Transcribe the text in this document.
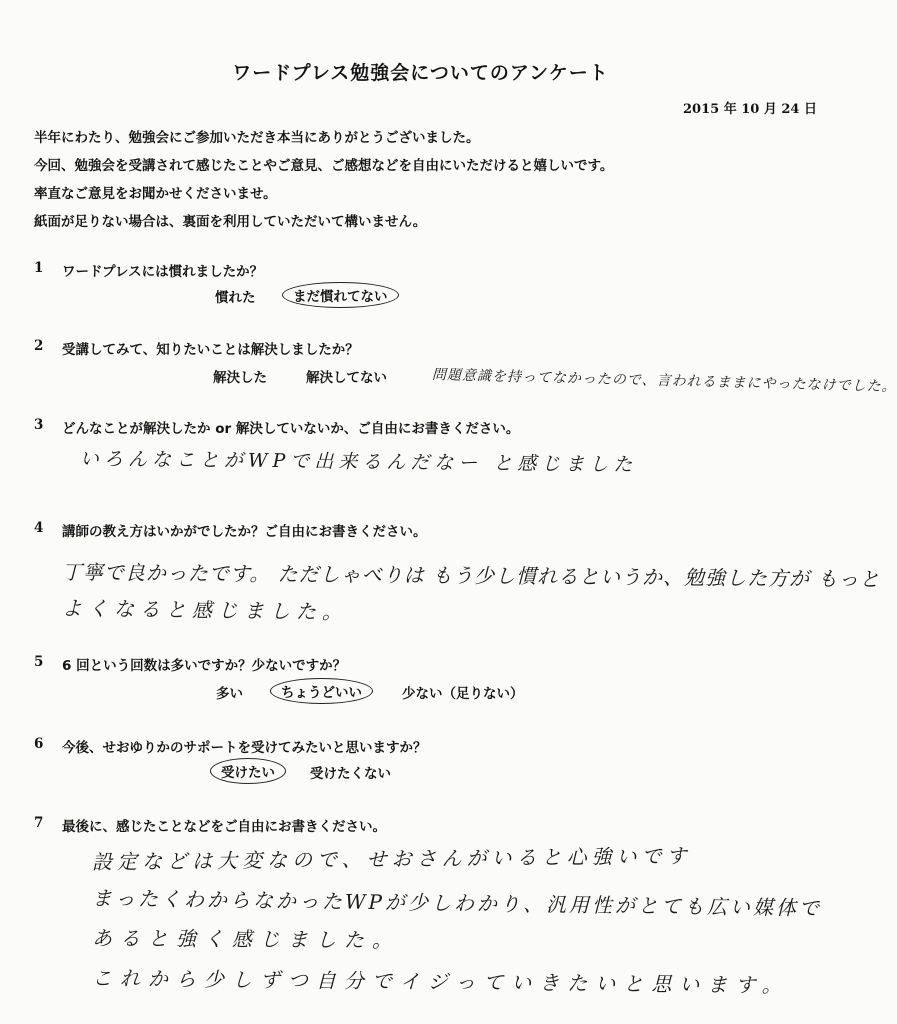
ワードプレス勉強会についてのアンケート
2015 年 10 月 24 日
半年にわたり、勉強会にご参加いただき本当にありがとうございました。
今回、勉強会を受講されて感じたことやご意見、ご感想などを自由にいただけると嬉しいです。
率直なご意見をお聞かせくださいませ。
紙面が足りない場合は、裏面を利用していただいて構いません。
1 ワードプレスには慣れましたか？
慣れた	まだ慣れてない
2 受講してみて、知りたいことは解決しましたか？
解決した	解決してない	問題意識を持ってなかったので、言われるままにやったなけでした。
3 どんなことが解決したか or 解決していないか、ご自由にお書きください。
いろんなことがWPで出来るんだなー と感じました
4 講師の教え方はいかがでしたか？ご自由にお書きください。
丁寧で良かったです。 ただしゃべりは もう少し慣れるというか、勉強した方が もっと
よくなると感じました。
5 6 回という回数は多いですか？少ないですか？
多い	ちょうどいい	少ない（足りない）
6 今後、せおゆりかのサポートを受けてみたいと思いますか？
受けたい	受けたくない
7 最後に、感じたことなどをご自由にお書きください。
設定などは大変なので、せおさんがいると心強いです
まったくわからなかったWPが少しわかり、汎用性がとても広い媒体で
あると強く感じました。
これから少しずつ自分でイジっていきたいと思います。
